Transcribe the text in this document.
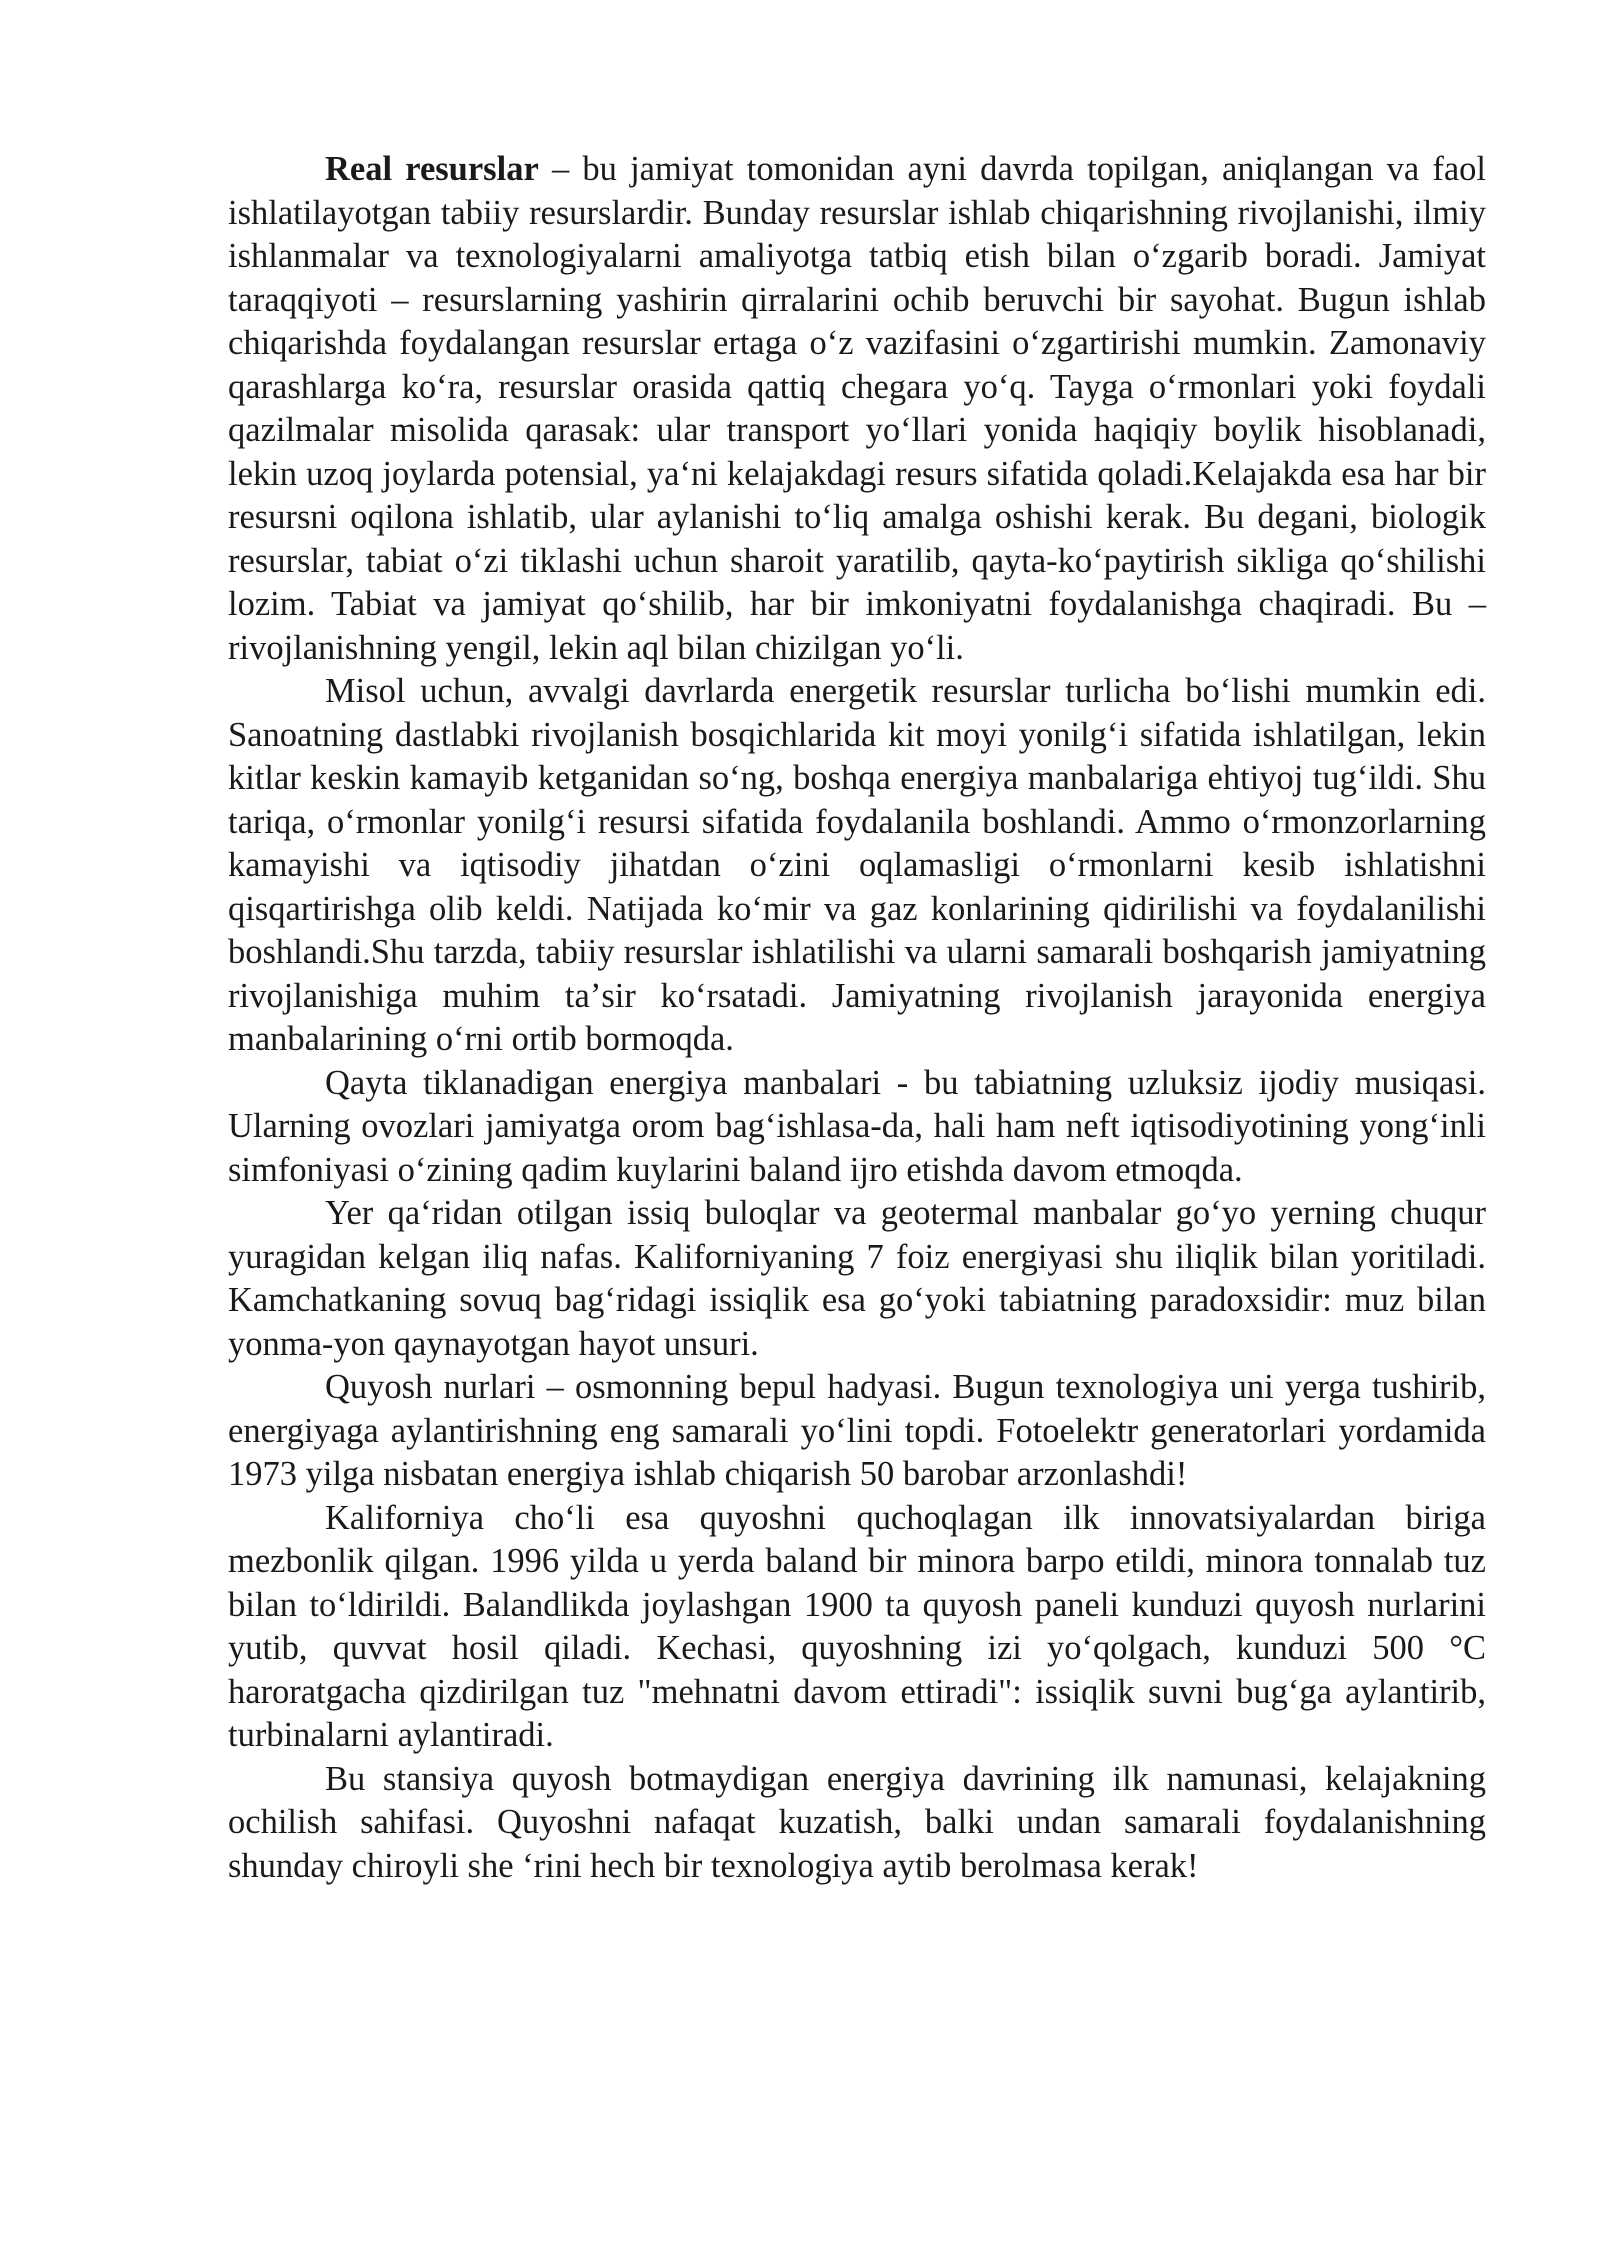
Real resurslar – bu jamiyat tomonidan ayni davrda topilgan, aniqlangan va faol ishlatilayotgan tabiiy resurslardir. Bunday resurslar ishlab chiqarishning rivojlanishi, ilmiy ishlanmalar va texnologiyalarni amaliyotga tatbiq etish bilan oʻzgarib boradi. Jamiyat taraqqiyoti – resurslarning yashirin qirralarini ochib beruvchi bir sayohat. Bugun ishlab chiqarishda foydalangan resurslar ertaga oʻz vazifasini oʻzgartirishi mumkin. Zamonaviy qarashlarga koʻra, resurslar orasida qattiq chegara yoʻq. Tayga oʻrmonlari yoki foydali qazilmalar misolida qarasak: ular transport yoʻllari yonida haqiqiy boylik hisoblanadi, lekin uzoq joylarda potensial, yaʻni kelajakdagi resurs sifatida qoladi.Kelajakda esa har bir resursni oqilona ishlatib, ular aylanishi toʻliq amalga oshishi kerak. Bu degani, biologik resurslar, tabiat oʻzi tiklashi uchun sharoit yaratilib, qayta-koʻpaytirish sikliga qoʻshilishi lozim. Tabiat va jamiyat qoʻshilib, har bir imkoniyatni foydalanishga chaqiradi. Bu – rivojlanishning yengil, lekin aql bilan chizilgan yoʻli.

Misol uchun, avvalgi davrlarda energetik resurslar turlicha boʻlishi mumkin edi. Sanoatning dastlabki rivojlanish bosqichlarida kit moyi yonilgʻi sifatida ishlatilgan, lekin kitlar keskin kamayib ketganidan soʻng, boshqa energiya manbalariga ehtiyoj tugʻildi. Shu tariqa, oʻrmonlar yonilgʻi resursi sifatida foydalanila boshlandi. Ammo oʻrmonzorlarning kamayishi va iqtisodiy jihatdan oʻzini oqlamasligi oʻrmonlarni kesib ishlatishni qisqartirishga olib keldi. Natijada koʻmir va gaz konlarining qidirilishi va foydalanilishi boshlandi.Shu tarzda, tabiiy resurslar ishlatilishi va ularni samarali boshqarish jamiyatning rivojlanishiga muhim taʼsir koʻrsatadi. Jamiyatning rivojlanish jarayonida energiya manbalarining oʻrni ortib bormoqda.

Qayta tiklanadigan energiya manbalari - bu tabiatning uzluksiz ijodiy musiqasi. Ularning ovozlari jamiyatga orom bagʻishlasa-da, hali ham neft iqtisodiyotining yongʻinli simfoniyasi oʻzining qadim kuylarini baland ijro etishda davom etmoqda.

Yer qaʻridan otilgan issiq buloqlar va geotermal manbalar goʻyo yerning chuqur yuragidan kelgan iliq nafas. Kaliforniyaning 7 foiz energiyasi shu iliqlik bilan yoritiladi. Kamchatkaning sovuq bagʻridagi issiqlik esa goʻyoki tabiatning paradoxsidir: muz bilan yonma-yon qaynayotgan hayot unsuri.

Quyosh nurlari – osmonning bepul hadyasi. Bugun texnologiya uni yerga tushirib, energiyaga aylantirishning eng samarali yoʻlini topdi. Fotoelektr generatorlari yordamida 1973 yilga nisbatan energiya ishlab chiqarish 50 barobar arzonlashdi!

Kaliforniya choʻli esa quyoshni quchoqlagan ilk innovatsiyalardan biriga mezbonlik qilgan. 1996 yilda u yerda baland bir minora barpo etildi, minora tonnalab tuz bilan toʻldirildi. Balandlikda joylashgan 1900 ta quyosh paneli kunduzi quyosh nurlarini yutib, quvvat hosil qiladi. Kechasi, quyoshning izi yoʻqolgach, kunduzi 500 °C haroratgacha qizdirilgan tuz "mehnatni davom ettiradi": issiqlik suvni bugʻga aylantirib, turbinalarni aylantiradi.

Bu stansiya quyosh botmaydigan energiya davrining ilk namunasi, kelajakning ochilish sahifasi. Quyoshni nafaqat kuzatish, balki undan samarali foydalanishning shunday chiroyli she ʻrini hech bir texnologiya aytib berolmasa kerak!
